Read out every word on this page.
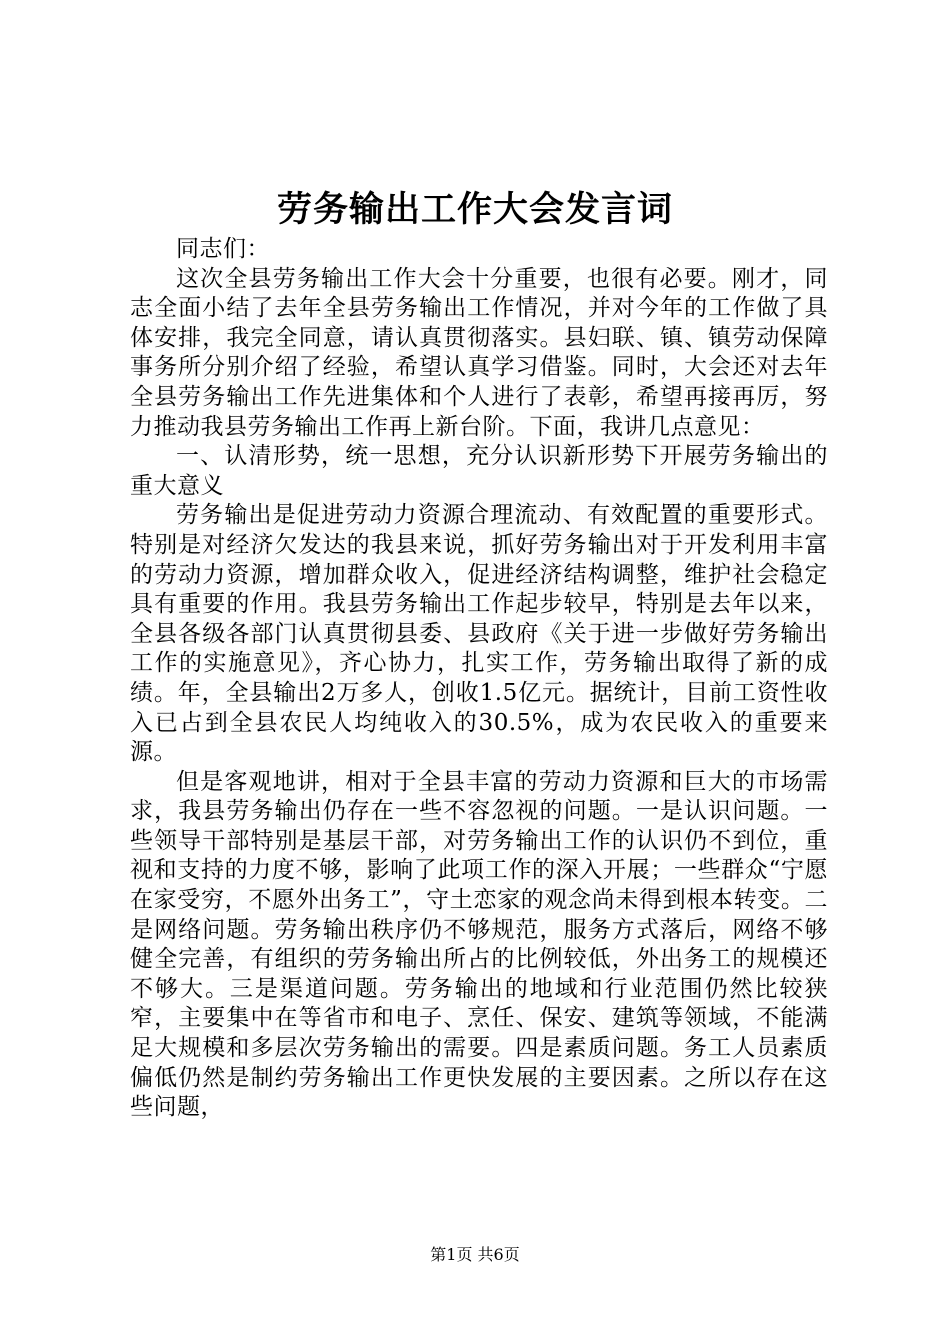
劳务输出工作大会发言词

同志们：

这次全县劳务输出工作大会十分重要，也很有必要。刚才，同志全面小结了去年全县劳务输出工作情况，并对今年的工作做了具体安排，我完全同意，请认真贯彻落实。县妇联、镇、镇劳动保障事务所分别介绍了经验，希望认真学习借鉴。同时，大会还对去年全县劳务输出工作先进集体和个人进行了表彰，希望再接再厉，努力推动我县劳务输出工作再上新台阶。下面，我讲几点意见：

一、认清形势，统一思想，充分认识新形势下开展劳务输出的重大意义

劳务输出是促进劳动力资源合理流动、有效配置的重要形式。特别是对经济欠发达的我县来说，抓好劳务输出对于开发利用丰富的劳动力资源，增加群众收入，促进经济结构调整，维护社会稳定具有重要的作用。我县劳务输出工作起步较早，特别是去年以来，全县各级各部门认真贯彻县委、县政府《关于进一步做好劳务输出工作的实施意见》，齐心协力，扎实工作，劳务输出取得了新的成绩。年，全县输出2万多人，创收1.5亿元。据统计，目前工资性收入已占到全县农民人均纯收入的30.5%，成为农民收入的重要来源。

但是客观地讲，相对于全县丰富的劳动力资源和巨大的市场需求，我县劳务输出仍存在一些不容忽视的问题。一是认识问题。一些领导干部特别是基层干部，对劳务输出工作的认识仍不到位，重视和支持的力度不够，影响了此项工作的深入开展；一些群众“宁愿在家受穷，不愿外出务工”，守土恋家的观念尚未得到根本转变。二是网络问题。劳务输出秩序仍不够规范，服务方式落后，网络不够健全完善，有组织的劳务输出所占的比例较低，外出务工的规模还不够大。三是渠道问题。劳务输出的地域和行业范围仍然比较狭窄，主要集中在等省市和电子、烹任、保安、建筑等领域，不能满足大规模和多层次劳务输出的需要。四是素质问题。务工人员素质偏低仍然是制约劳务输出工作更快发展的主要因素。之所以存在这些问题，

第1页 共6页
